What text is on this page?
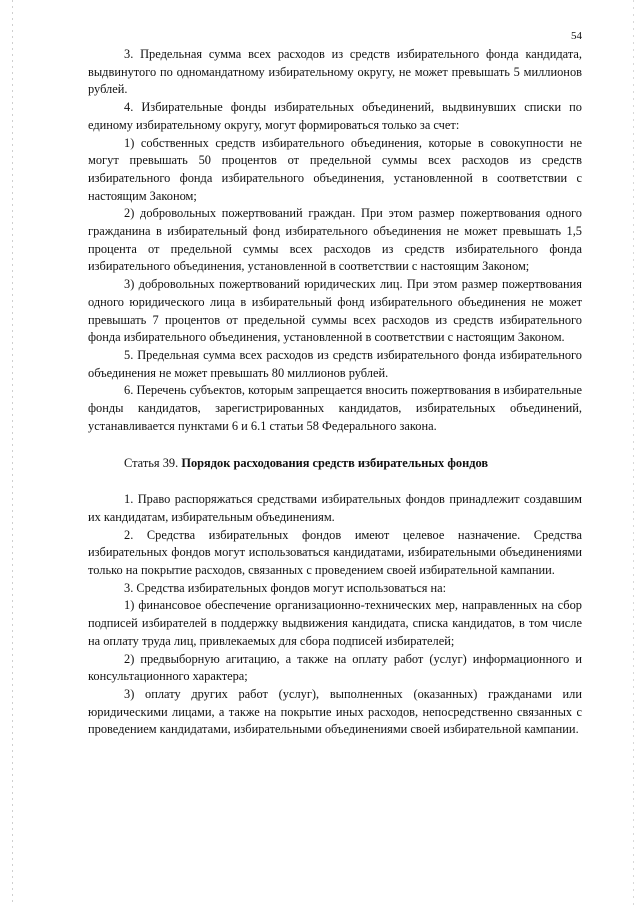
54

3. Предельная сумма всех расходов из средств избирательного фонда кандидата, выдвинутого по одномандатному избирательному округу, не может превышать 5 миллионов рублей.

4. Избирательные фонды избирательных объединений, выдвинувших списки по единому избирательному округу, могут формироваться только за счет:

1) собственных средств избирательного объединения, которые в совокупности не могут превышать 50 процентов от предельной суммы всех расходов из средств избирательного фонда избирательного объединения, установленной в соответствии с настоящим Законом;

2) добровольных пожертвований граждан. При этом размер пожертвования одного гражданина в избирательный фонд избирательного объединения не может превышать 1,5 процента от предельной суммы всех расходов из средств избирательного фонда избирательного объединения, установленной в соответствии с настоящим Законом;

3) добровольных пожертвований юридических лиц. При этом размер пожертвования одного юридического лица в избирательный фонд избирательного объединения не может превышать 7 процентов от предельной суммы всех расходов из средств избирательного фонда избирательного объединения, установленной в соответствии с настоящим Законом.

5. Предельная сумма всех расходов из средств избирательного фонда избирательного объединения не может превышать 80 миллионов рублей.

6. Перечень субъектов, которым запрещается вносить пожертвования в избирательные фонды кандидатов, зарегистрированных кандидатов, избирательных объединений, устанавливается пунктами 6 и 6.1 статьи 58 Федерального закона.

Статья 39. Порядок расходования средств избирательных фондов

1. Право распоряжаться средствами избирательных фондов принадлежит создавшим их кандидатам, избирательным объединениям.

2. Средства избирательных фондов имеют целевое назначение. Средства избирательных фондов могут использоваться кандидатами, избирательными объединениями только на покрытие расходов, связанных с проведением своей избирательной кампании.

3. Средства избирательных фондов могут использоваться на:

1) финансовое обеспечение организационно-технических мер, направленных на сбор подписей избирателей в поддержку выдвижения кандидата, списка кандидатов, в том числе на оплату труда лиц, привлекаемых для сбора подписей избирателей;

2) предвыборную агитацию, а также на оплату работ (услуг) информационного и консультационного характера;

3) оплату других работ (услуг), выполненных (оказанных) гражданами или юридическими лицами, а также на покрытие иных расходов, непосредственно связанных с проведением кандидатами, избирательными объединениями своей избирательной кампании.
